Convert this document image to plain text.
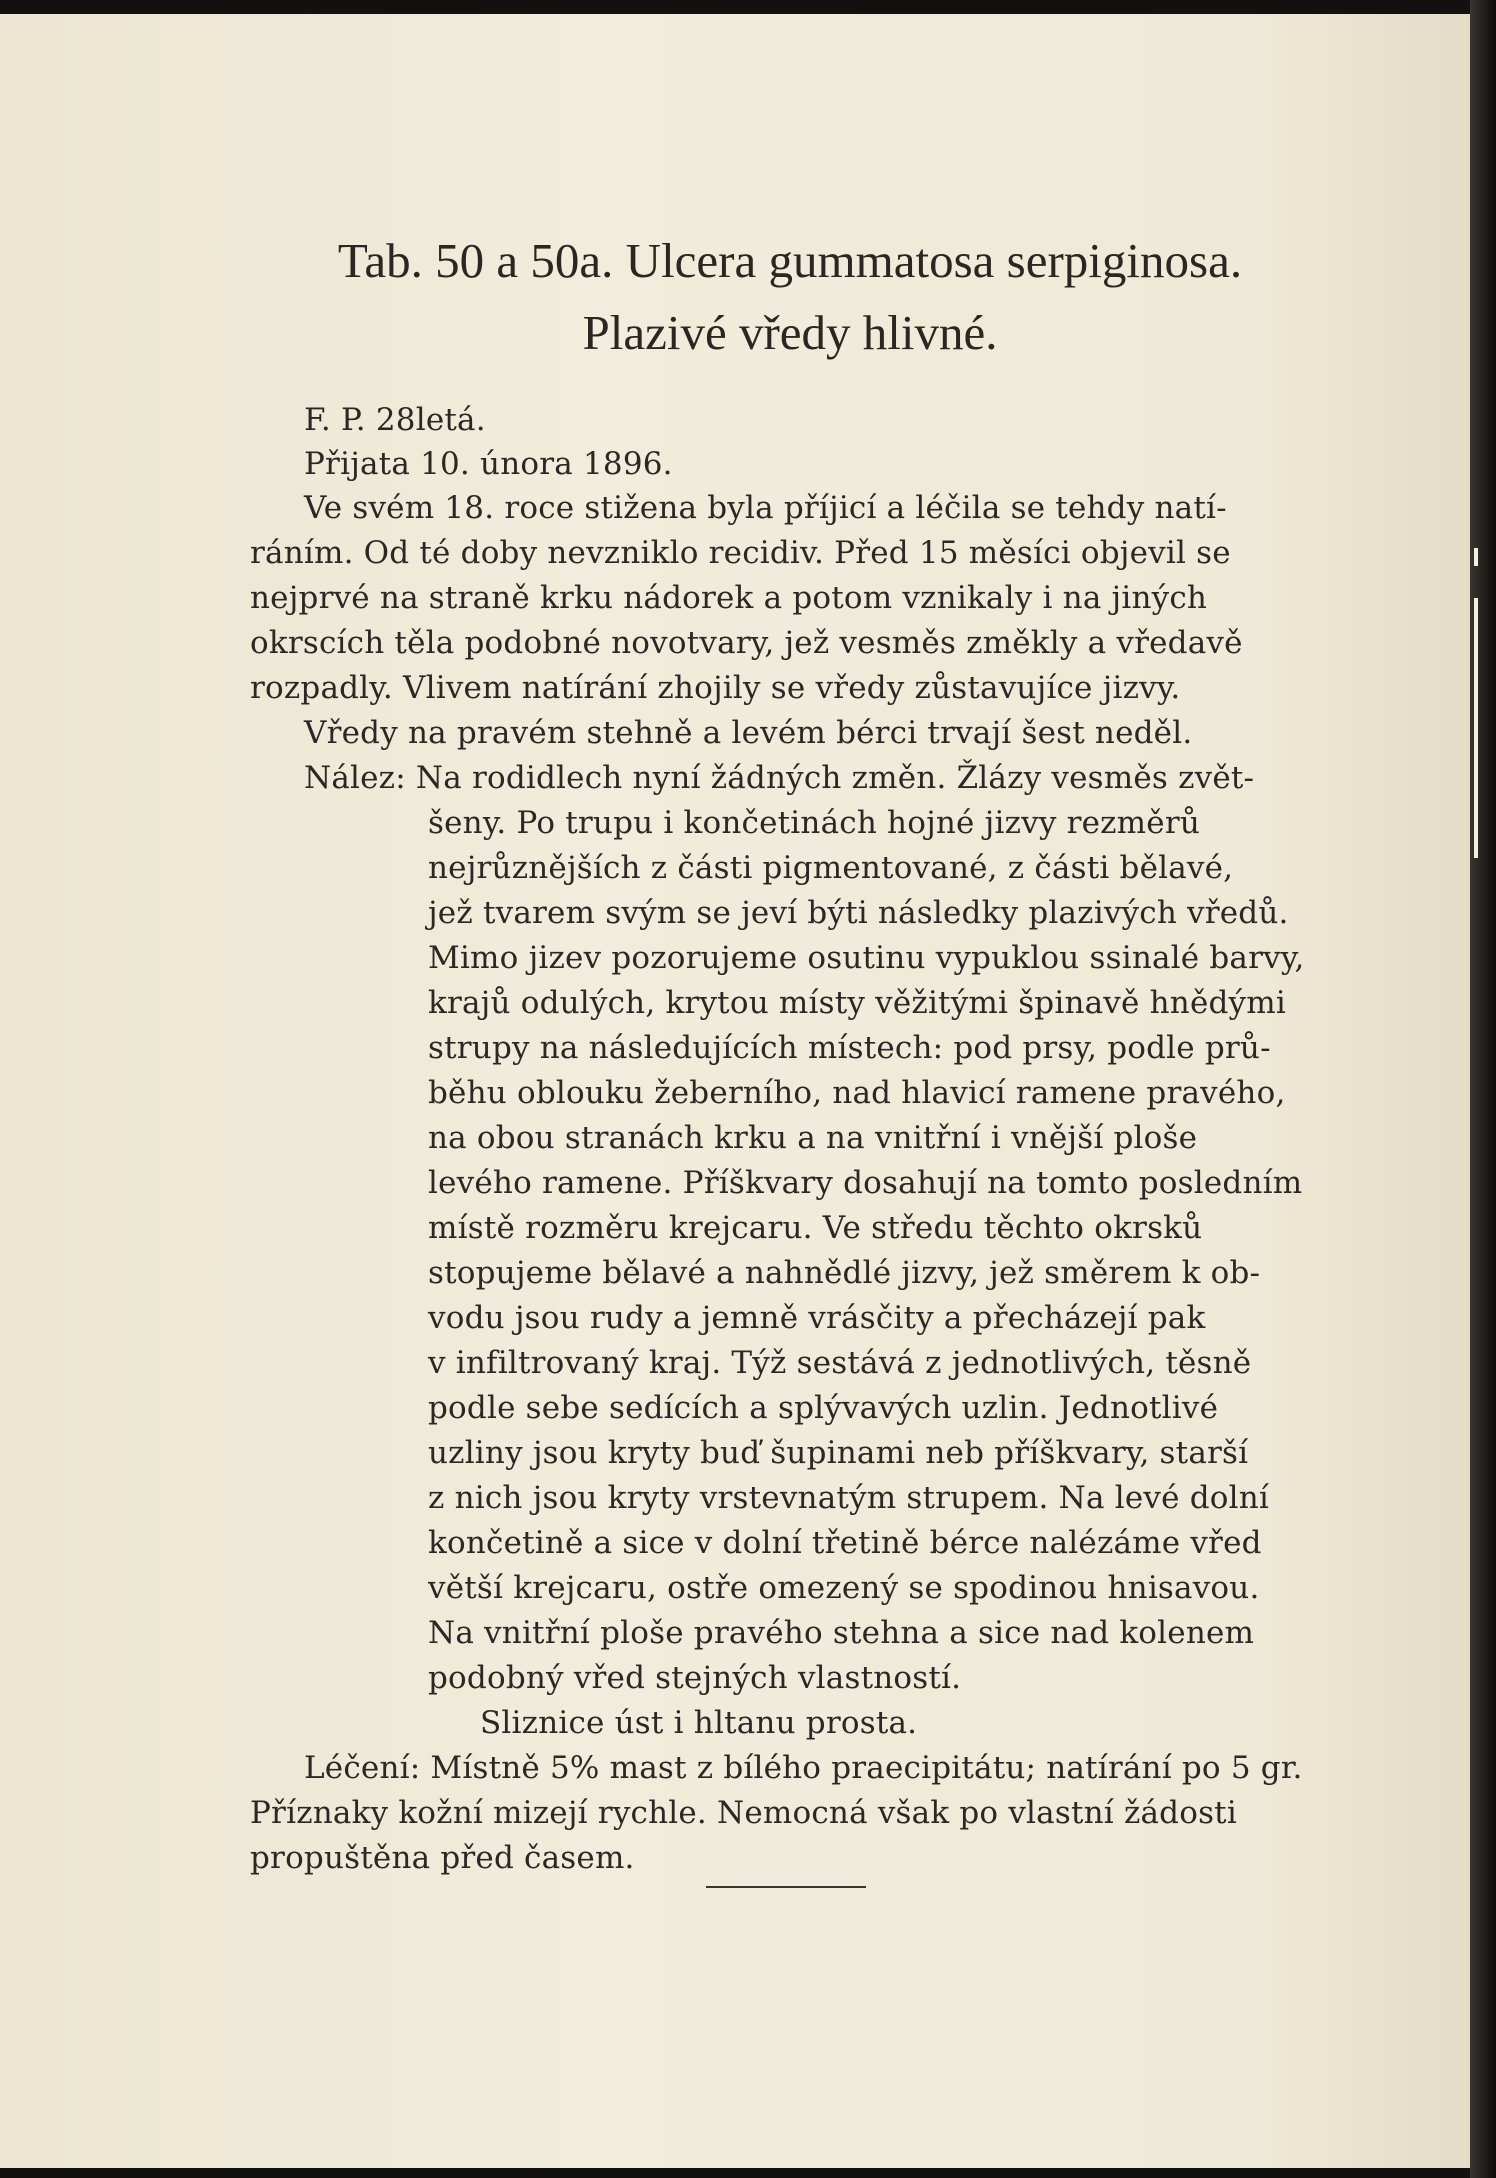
Tab. 50 a 50a. Ulcera gummatosa serpiginosa.
Plazivé vředy hlivné.
F. P. 28letá.
Přijata 10. února 1896.
Ve svém 18. roce stižena byla příjicí a léčila se tehdy natí-
ráním. Od té doby nevzniklo recidiv. Před 15 měsíci objevil se
nejprvé na straně krku nádorek a potom vznikaly i na jiných
okrscích těla podobné novotvary, jež vesměs změkly a vředavě
rozpadly. Vlivem natírání zhojily se vředy zůstavujíce jizvy.
Vředy na pravém stehně a levém bérci trvají šest neděl.
Nález: Na rodidlech nyní žádných změn. Žlázy vesměs zvět-
šeny. Po trupu i končetinách hojné jizvy rezměrů
nejrůznějších z části pigmentované, z části bělavé,
jež tvarem svým se jeví býti následky plazivých vředů.
Mimo jizev pozorujeme osutinu vypuklou ssinalé barvy,
krajů odulých, krytou místy věžitými špinavě hnědými
strupy na následujících místech: pod prsy, podle prů-
běhu oblouku žeberního, nad hlavicí ramene pravého,
na obou stranách krku a na vnitřní i vnější ploše
levého ramene. Příškvary dosahují na tomto posledním
místě rozměru krejcaru. Ve středu těchto okrsků
stopujeme bělavé a nahnědlé jizvy, jež směrem k ob-
vodu jsou rudy a jemně vrásčity a přecházejí pak
v infiltrovaný kraj. Týž sestává z jednotlivých, těsně
podle sebe sedících a splývavých uzlin. Jednotlivé
uzliny jsou kryty buď šupinami neb příškvary, starší
z nich jsou kryty vrstevnatým strupem. Na levé dolní
končetině a sice v dolní třetině bérce nalézáme vřed
větší krejcaru, ostře omezený se spodinou hnisavou.
Na vnitřní ploše pravého stehna a sice nad kolenem
podobný vřed stejných vlastností.
Sliznice úst i hltanu prosta.
Léčení: Místně 5% mast z bílého praecipitátu; natírání po 5 gr.
Příznaky kožní mizejí rychle. Nemocná však po vlastní žádosti
propuštěna před časem.
